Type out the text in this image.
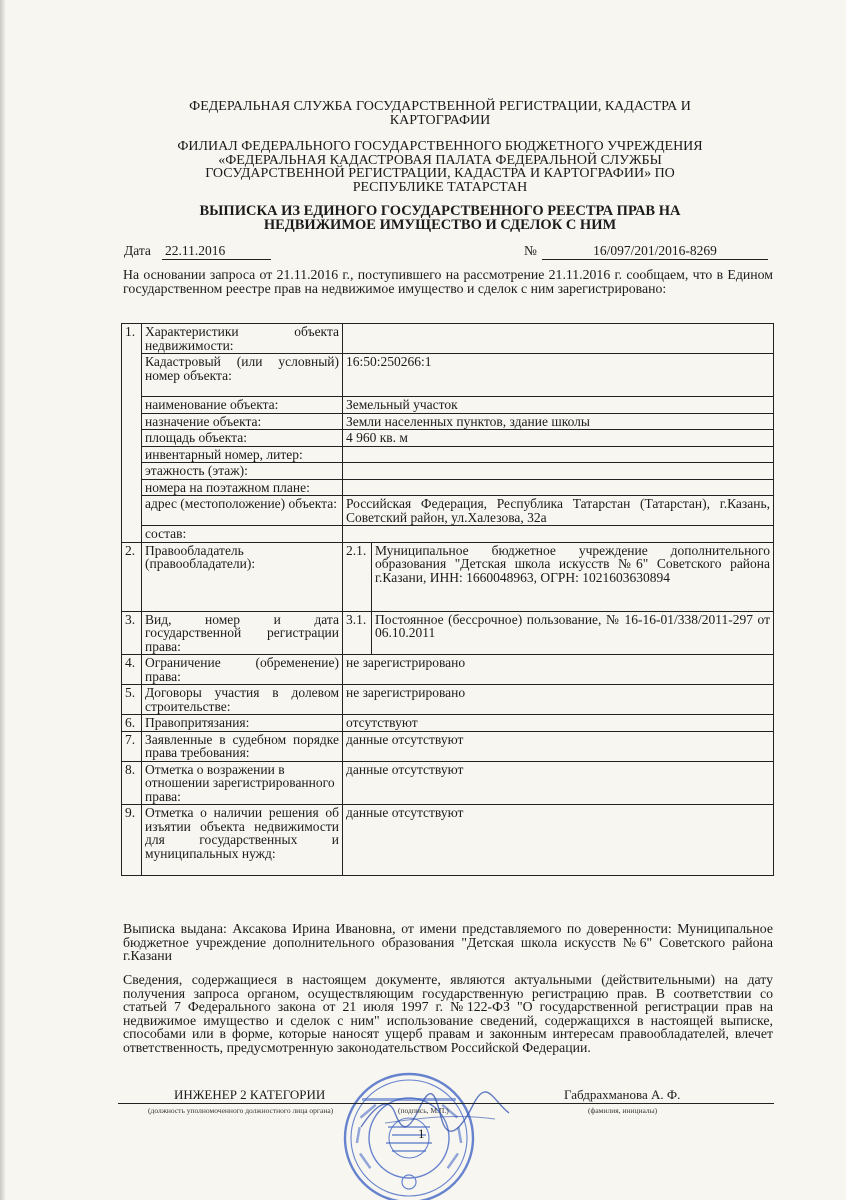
ФЕДЕРАЛЬНАЯ СЛУЖБА ГОСУДАРСТВЕННОЙ РЕГИСТРАЦИИ, КАДАСТРА И
КАРТОГРАФИИ
ФИЛИАЛ ФЕДЕРАЛЬНОГО ГОСУДАРСТВЕННОГО БЮДЖЕТНОГО УЧРЕЖДЕНИЯ
«ФЕДЕРАЛЬНАЯ КАДАСТРОВАЯ ПАЛАТА ФЕДЕРАЛЬНОЙ СЛУЖБЫ
ГОСУДАРСТВЕННОЙ РЕГИСТРАЦИИ, КАДАСТРА И КАРТОГРАФИИ» ПО
РЕСПУБЛИКЕ ТАТАРСТАН
ВЫПИСКА ИЗ ЕДИНОГО ГОСУДАРСТВЕННОГО РЕЕСТРА ПРАВ НА
НЕДВИЖИМОЕ ИМУЩЕСТВО И СДЕЛОК С НИМ
Дата 22.11.2016	№	16/097/201/2016-8269
На основании запроса от 21.11.2016 г., поступившего на рассмотрение 21.11.2016 г. сообщаем, что в Едином государственном реестре прав на недвижимое имущество и сделок с ним зарегистрировано:
1.	Характеристики объекта недвижимости:		
	Кадастровый (или условный) номер объекта:	16:50:250266:1	
	наименование объекта:	Земельный участок	
	назначение объекта:	Земли населенных пунктов, здание школы	
	площадь объекта:	4 960 кв. м	
	инвентарный номер, литер:		
	этажность (этаж):		
	номера на поэтажном плане:		
	адрес (местоположение) объекта:	Российская Федерация, Республика Татарстан (Татарстан), г.Казань, Советский район, ул.Халезова, 32а	
	состав:		
2.	Правообладатель (правообладатели):	2.1.	Муниципальное бюджетное учреждение дополнительного образования "Детская школа искусств №6" Советского района г.Казани, ИНН: 1660048963, ОГРН: 1021603630894
3.	Вид, номер и дата государственной регистрации права:	3.1.	Постоянное (бессрочное) пользование, № 16-16-01/338/2011-297 от 06.10.2011
4.	Ограничение (обременение) права:	не зарегистрировано	
5.	Договоры участия в долевом строительстве:	не зарегистрировано	
6.	Правопритязания:	отсутствуют	
7.	Заявленные в судебном порядке права требования:	данные отсутствуют	
8.	Отметка о возражении в отношении зарегистрированного права:	данные отсутствуют	
9.	Отметка о наличии решения об изъятии объекта недвижимости для государственных и муниципальных нужд:	данные отсутствуют	
Выписка выдана: Аксакова Ирина Ивановна, от имени представляемого по доверенности: Муниципальное бюджетное учреждение дополнительного образования "Детская школа искусств №6" Советского района г.Казани
Сведения, содержащиеся в настоящем документе, являются актуальными (действительными) на дату получения запроса органом, осуществляющим государственную регистрацию прав. В соответствии со статьей 7 Федерального закона от 21 июля 1997 г. №122-ФЗ "О государственной регистрации прав на недвижимое имущество и сделок с ним" использование сведений, содержащихся в настоящей выписке, способами или в форме, которые наносят ущерб правам и законным интересам правообладателей, влечет ответственность, предусмотренную законодательством Российской Федерации.
ИНЖЕНЕР 2 КАТЕГОРИИ	Габдрахманова А. Ф.
(должность уполномоченного должностного лица органа)	(подпись, М.П.)	(фамилия, инициалы)
1
